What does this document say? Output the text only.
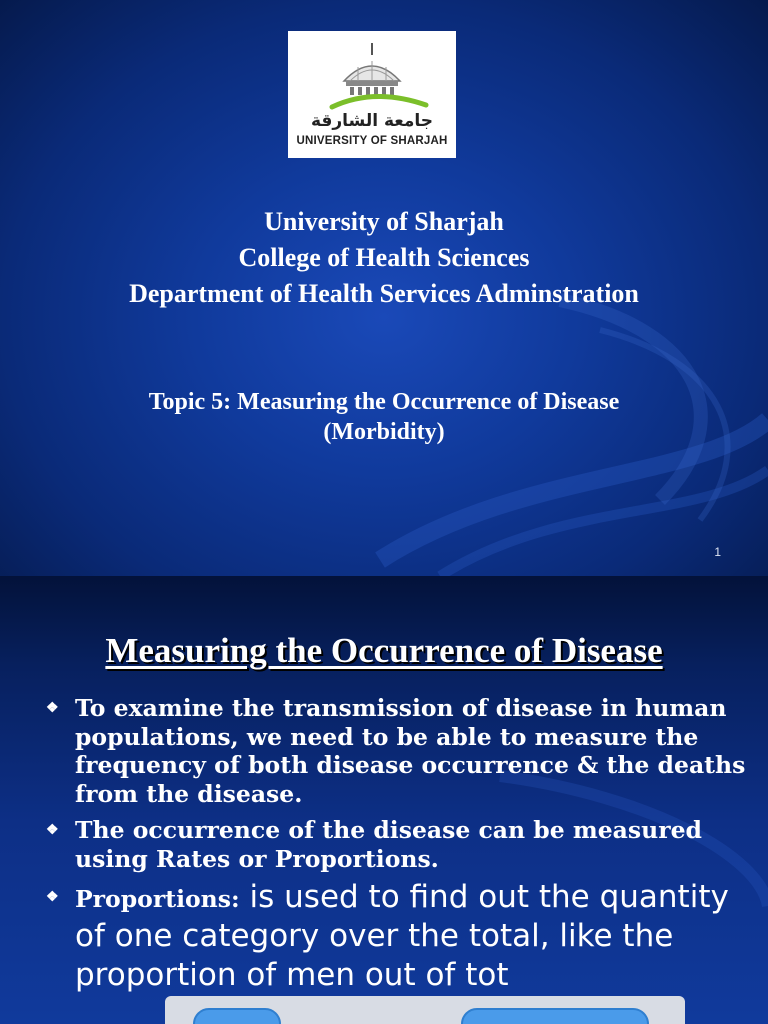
جامعة الشارقة
UNIVERSITY OF SHARJAH
University of Sharjah
College of Health Sciences
Department of Health Services Adminstration
Topic 5: Measuring the Occurrence of Disease
(Morbidity)
1
Measuring the Occurrence of Disease
❖ To examine the transmission of disease in human populations, we need to be able to measure the frequency of both disease occurrence & the deaths from the disease.
❖ The occurrence of the disease can be measured using Rates or Proportions.
❖ Proportions: is used to find out the quantity of one category over the total, like the proportion of men out of tot
